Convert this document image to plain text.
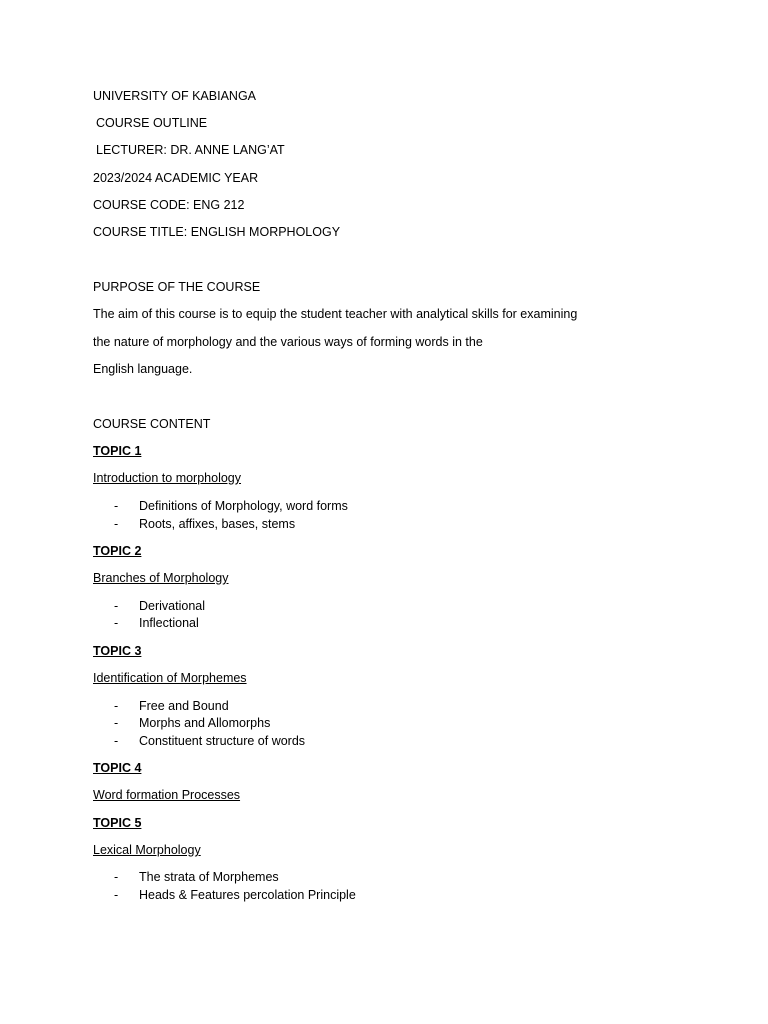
UNIVERSITY OF KABIANGA
COURSE OUTLINE
LECTURER: DR. ANNE LANG’AT
2023/2024 ACADEMIC YEAR
COURSE CODE: ENG 212
COURSE TITLE: ENGLISH MORPHOLOGY
PURPOSE OF THE COURSE
The aim of this course is to equip the student teacher with analytical skills for examining
the nature of morphology and the various ways of forming words in the
English language.
COURSE CONTENT
TOPIC 1
Introduction to morphology
-	Definitions of Morphology, word forms
-	Roots, affixes, bases, stems
TOPIC 2
Branches of Morphology
-	Derivational
-	Inflectional
TOPIC 3
Identification of Morphemes
-	Free and Bound
-	Morphs and Allomorphs
-	Constituent structure of words
TOPIC 4
Word formation Processes
TOPIC 5
Lexical Morphology
-	The strata of Morphemes
-	Heads & Features percolation Principle
